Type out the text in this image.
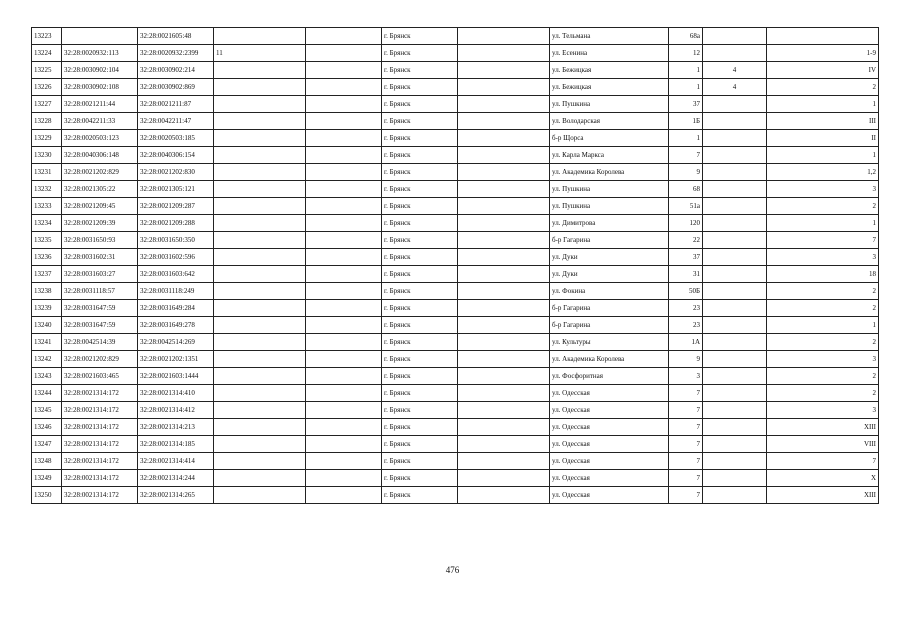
13223		32:28:0021605:48			г. Брянск		ул. Тельмана	68а		
13224	32:28:0020932:113	32:28:0020932:2399	11		г. Брянск		ул. Есенина	12		1-9
13225	32:28:0030902:104	32:28:0030902:214			г. Брянск		ул. Бежицкая	1	4	IV
13226	32:28:0030902:108	32:28:0030902:869			г. Брянск		ул. Бежицкая	1	4	2
13227	32:28:0021211:44	32:28:0021211:87			г. Брянск		ул. Пушкина	37		1
13228	32:28:0042211:33	32:28:0042211:47			г. Брянск		ул. Володарская	1Б		III
13229	32:28:0020503:123	32:28:0020503:185			г. Брянск		б-р Щорса	1		II
13230	32:28:0040306:148	32:28:0040306:154			г. Брянск		ул. Карла Маркса	7		1
13231	32:28:0021202:829	32:28:0021202:830			г. Брянск		ул. Академика Королева	9		1,2
13232	32:28:0021305:22	32:28:0021305:121			г. Брянск		ул. Пушкина	68		3
13233	32:28:0021209:45	32:28:0021209:287			г. Брянск		ул. Пушкина	51а		2
13234	32:28:0021209:39	32:28:0021209:288			г. Брянск		ул. Димитрова	120		1
13235	32:28:0031650:93	32:28:0031650:350			г. Брянск		б-р Гагарина	22		7
13236	32:28:0031602:31	32:28:0031602:596			г. Брянск		ул. Дуки	37		3
13237	32:28:0031603:27	32:28:0031603:642			г. Брянск		ул. Дуки	31		18
13238	32:28:0031118:57	32:28:0031118:249			г. Брянск		ул. Фокина	50Б		2
13239	32:28:0031647:59	32:28:0031649:284			г. Брянск		б-р Гагарина	23		2
13240	32:28:0031647:59	32:28:0031649:278			г. Брянск		б-р Гагарина	23		1
13241	32:28:0042514:39	32:28:0042514:269			г. Брянск		ул. Культуры	1А		2
13242	32:28:0021202:829	32:28:0021202:1351			г. Брянск		ул. Академика Королева	9		3
13243	32:28:0021603:465	32:28:0021603:1444			г. Брянск		ул. Фосфоритная	3		2
13244	32:28:0021314:172	32:28:0021314:410			г. Брянск		ул. Одесская	7		2
13245	32:28:0021314:172	32:28:0021314:412			г. Брянск		ул. Одесская	7		3
13246	32:28:0021314:172	32:28:0021314:213			г. Брянск		ул. Одесская	7		XIII
13247	32:28:0021314:172	32:28:0021314:185			г. Брянск		ул. Одесская	7		VIII
13248	32:28:0021314:172	32:28:0021314:414			г. Брянск		ул. Одесская	7		7
13249	32:28:0021314:172	32:28:0021314:244			г. Брянск		ул. Одесская	7		X
13250	32:28:0021314:172	32:28:0021314:265			г. Брянск		ул. Одесская	7		XIII
476
